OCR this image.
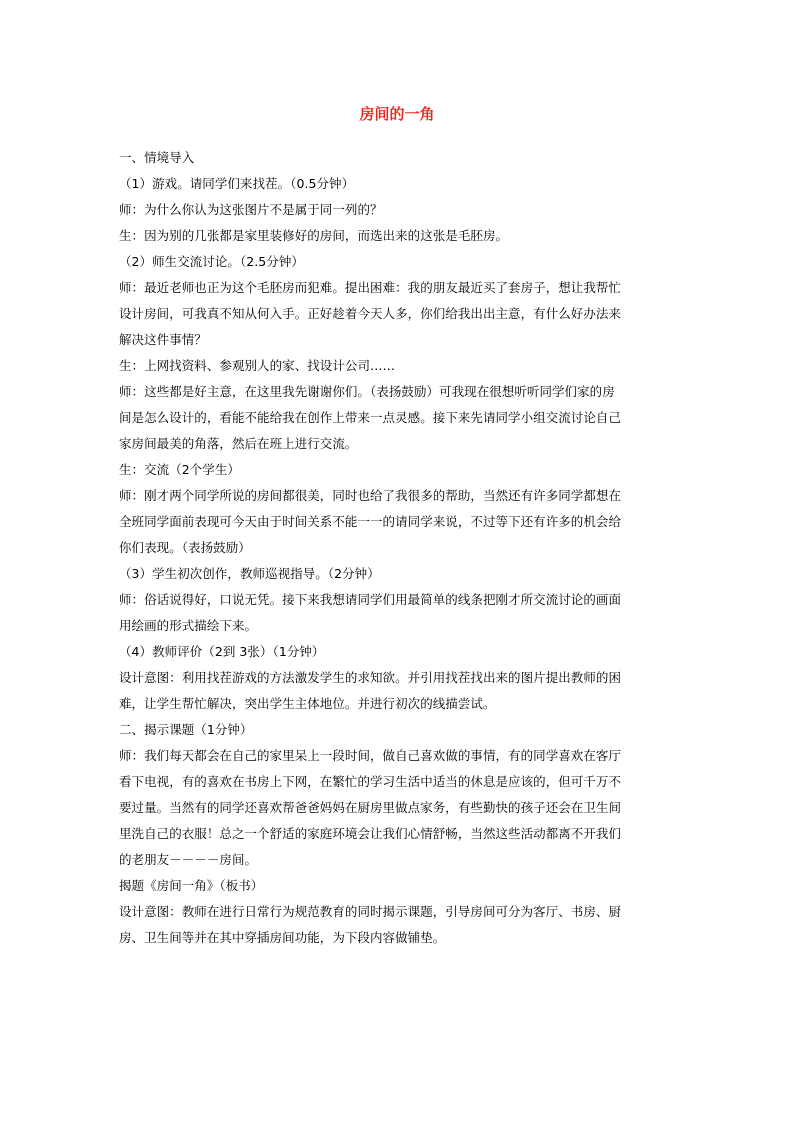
房间的一角
一、情境导入
（1）游戏。请同学们来找茬。（0.5分钟）
师：为什么你认为这张图片不是属于同一列的？
生：因为别的几张都是家里装修好的房间，而选出来的这张是毛胚房。
（2）师生交流讨论。（2.5分钟）
师：最近老师也正为这个毛胚房而犯难。提出困难：我的朋友最近买了套房子，想让我帮忙
设计房间，可我真不知从何入手。正好趁着今天人多，你们给我出出主意，有什么好办法来
解决这件事情？
生：上网找资料、参观别人的家、找设计公司……
师：这些都是好主意，在这里我先谢谢你们。（表扬鼓励）可我现在很想听听同学们家的房
间是怎么设计的，看能不能给我在创作上带来一点灵感。接下来先请同学小组交流讨论自己
家房间最美的角落，然后在班上进行交流。
生：交流（2个学生）
师：刚才两个同学所说的房间都很美，同时也给了我很多的帮助，当然还有许多同学都想在
全班同学面前表现可今天由于时间关系不能一一的请同学来说，不过等下还有许多的机会给
你们表现。（表扬鼓励）
（3）学生初次创作，教师巡视指导。（2分钟）
师：俗话说得好，口说无凭。接下来我想请同学们用最简单的线条把刚才所交流讨论的画面
用绘画的形式描绘下来。
（4）教师评价（2到 3张）（1分钟）
设计意图：利用找茬游戏的方法激发学生的求知欲。并引用找茬找出来的图片提出教师的困
难，让学生帮忙解决，突出学生主体地位。并进行初次的线描尝试。
二、揭示课题（1分钟）
师：我们每天都会在自己的家里呆上一段时间，做自己喜欢做的事情，有的同学喜欢在客厅
看下电视，有的喜欢在书房上下网，在繁忙的学习生活中适当的休息是应该的，但可千万不
要过量。当然有的同学还喜欢帮爸爸妈妈在厨房里做点家务，有些勤快的孩子还会在卫生间
里洗自己的衣服！总之一个舒适的家庭环境会让我们心情舒畅，当然这些活动都离不开我们
的老朋友－－－－房间。
揭题《房间一角》（板书）
设计意图：教师在进行日常行为规范教育的同时揭示课题，引导房间可分为客厅、书房、厨
房、卫生间等并在其中穿插房间功能，为下段内容做铺垫。
